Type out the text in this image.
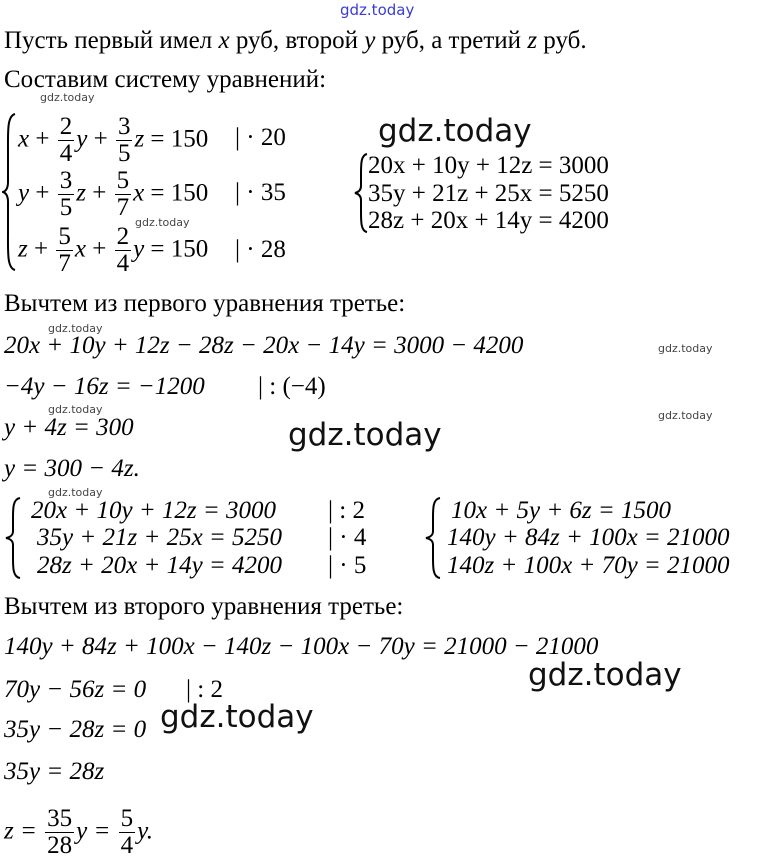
gdz.today
gdz.today
gdz.today
gdz.today
gdz.today
gdz.today	gdz.today
gdz.today
gdz.today
gdz.today
gdz.today
gdz.today
Пусть первый имел x руб, второй y руб, а третий z руб.
Составим систему уравнений:
$x + \frac{2}{4}$ $y + \frac{3}{5}$ z = 150 | · 20
$y + \frac{3}{5}$ $z + \frac{5}{7}$ x = 150 | · 35
$z + \frac{5}{7}$ $x + \frac{2}{4}$ y = 150 | · 28
20x + 10y + 12z = 3000
35y + 21z + 25x = 5250
28z + 20x + 14y = 4200
Вычтем из первого уравнения третье:
20x + 10y + 12z − 28z − 20x − 14y = 3000 − 4200
−4y − 16z = −1200 | : (−4)
y + 4z = 300
y = 300 − 4z.
20x + 10y + 12z = 3000
35y + 21z + 25x = 5250
28z + 20x + 14y = 4200
| : 2
| · 4
| · 5
10x + 5y + 6z = 1500
140y + 84z + 100x = 21000
140z + 100x + 70y = 21000
Вычтем из второго уравнения третье:
140y + 84z + 100x − 140z − 100x − 70y = 21000 − 21000
70y − 56z = 0 | : 2
35y − 28z = 0
35y = 28z
$z = \frac{35}{28}$ $y = \frac{5}{4} y$.
